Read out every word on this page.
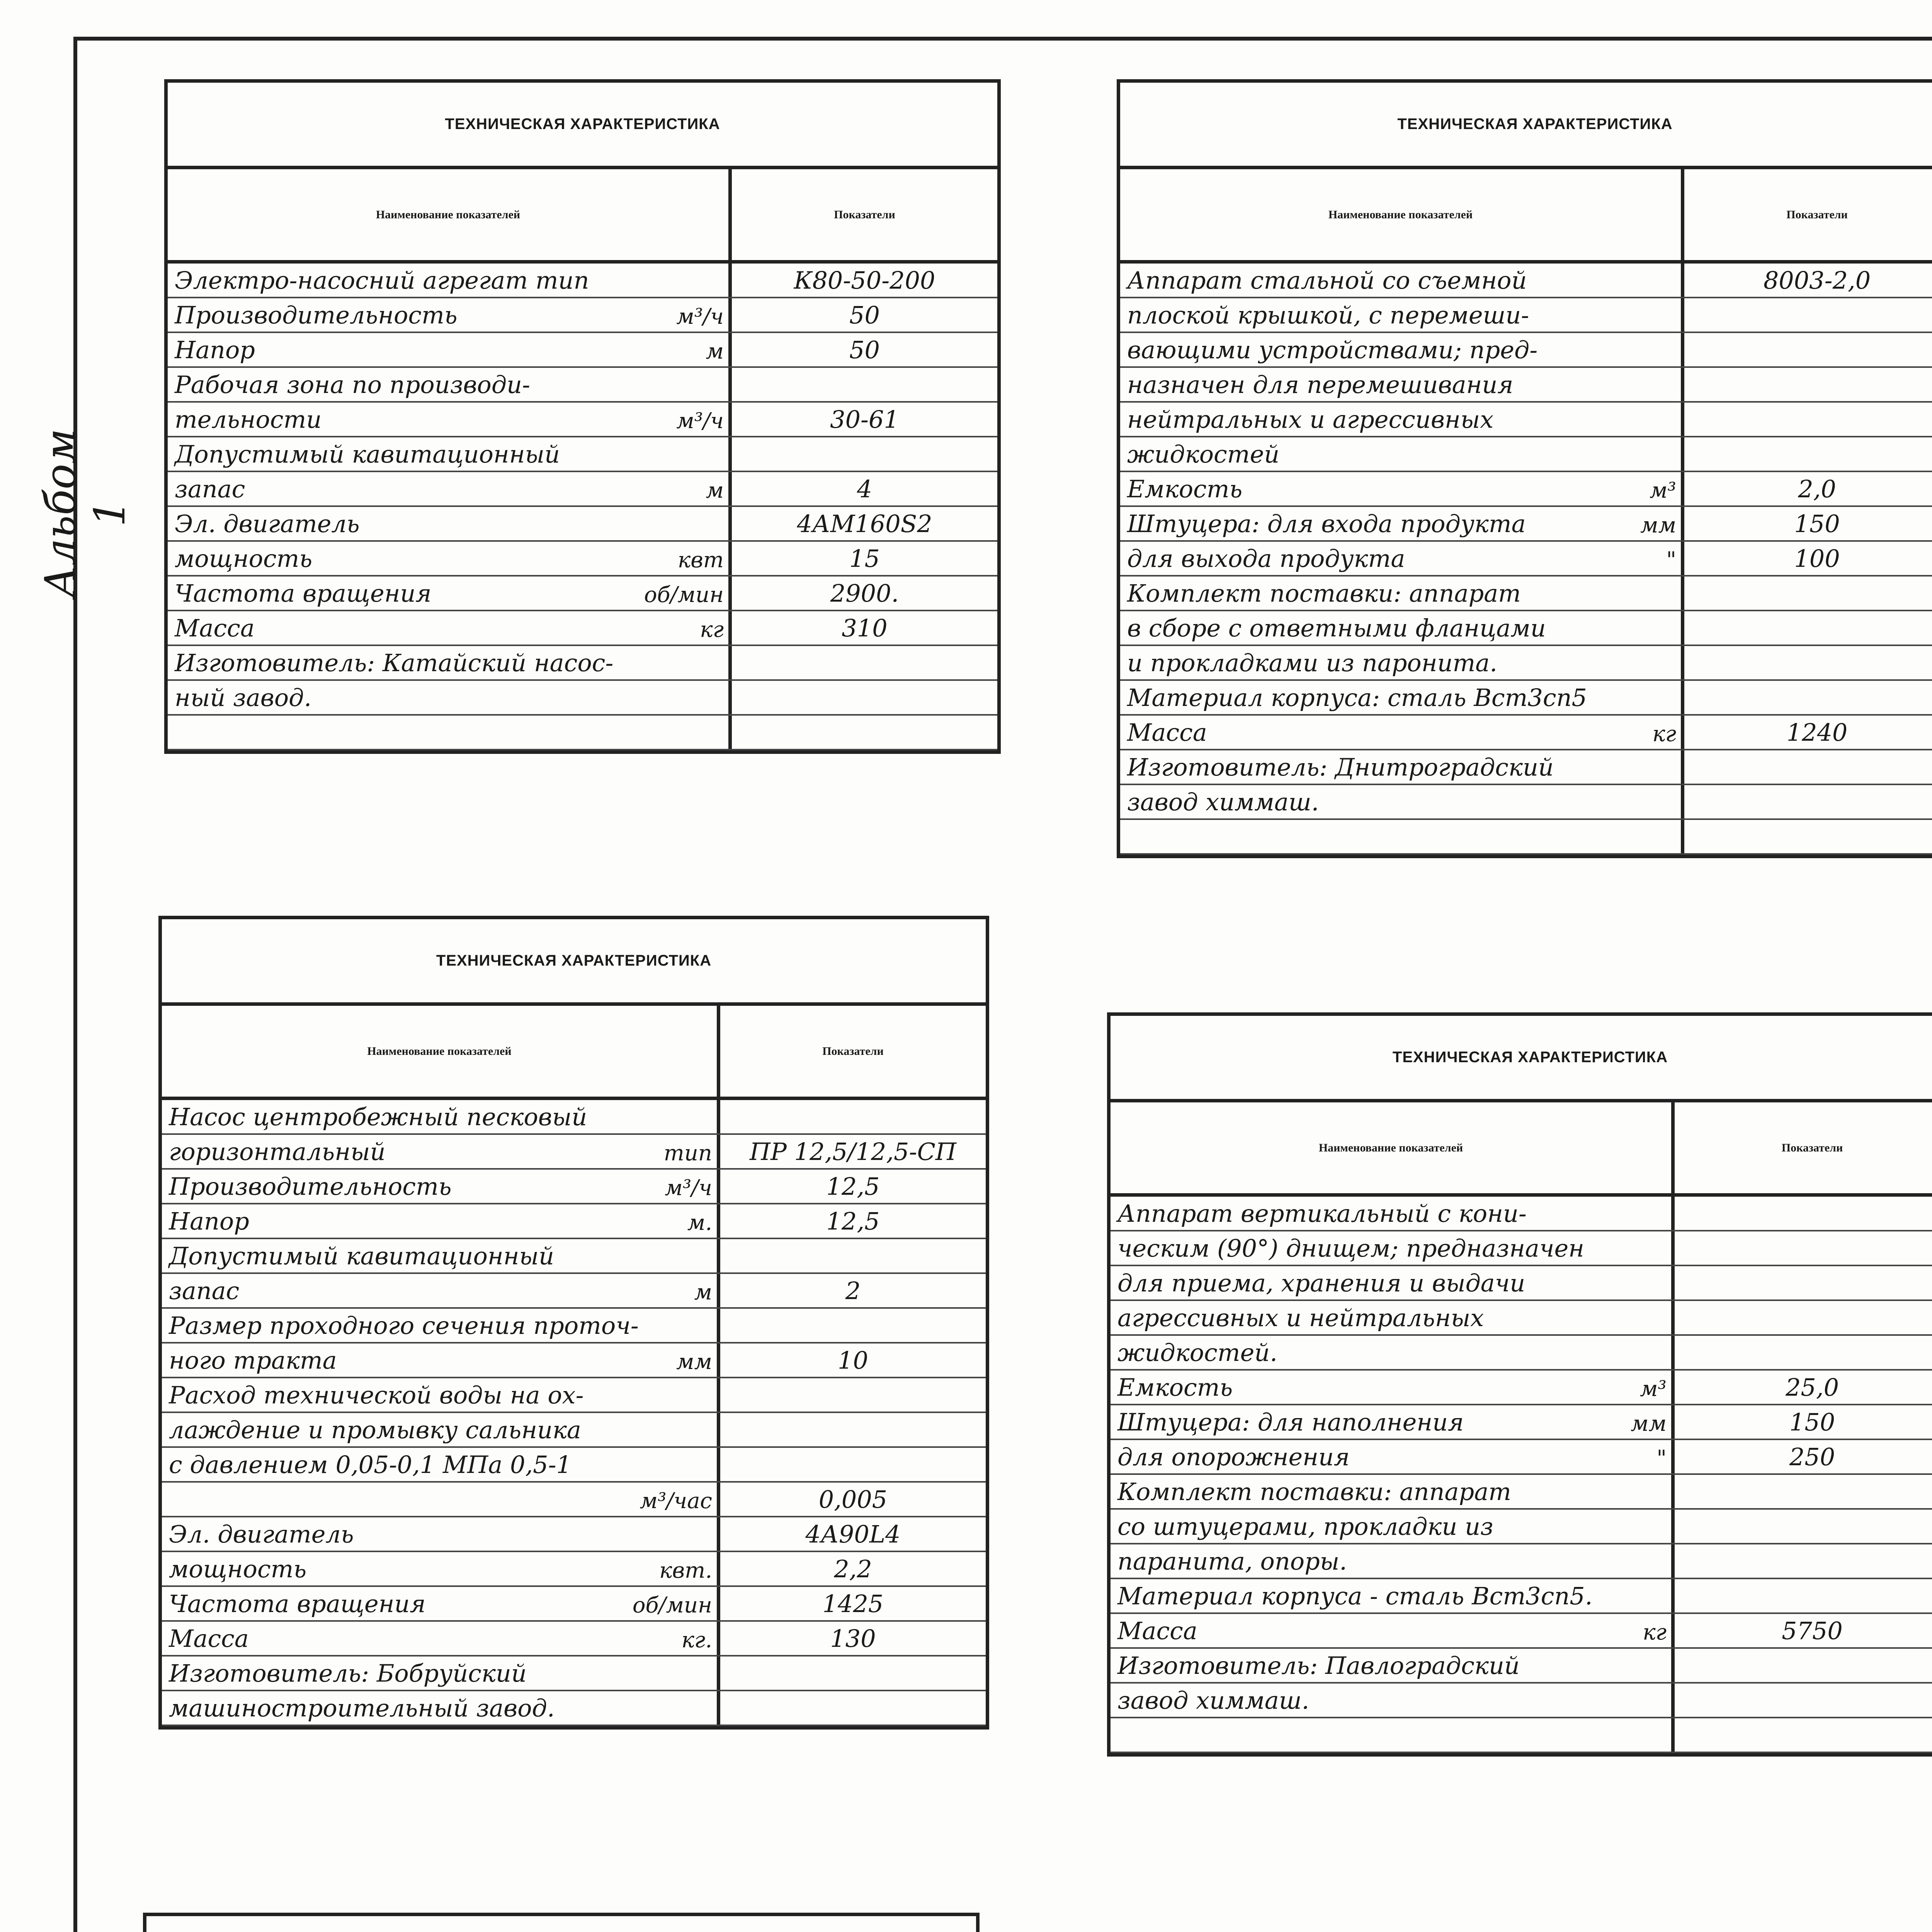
Альбом 1
ТЕХНИЧЕСКАЯ ХАРАКТЕРИСТИКА
Наименование показателей	Показатели
Электро-насосний агрегат тип	К80-50-200
Производительность	м³/ч	50
Напор	м	50
Рабочая зона по производи-
тельности	м³/ч	30-61
Допустимый кавитационный
запас	м	4
Эл. двигатель	4АМ160S2
мощность	квт	15
Частота вращения	об/мин	2900.
Масса	кг	310
Изготовитель: Катайский насос-
ный завод.
ТЕХНИЧЕСКАЯ ХАРАКТЕРИСТИКА
Наименование показателей	Показатели
Аппарат стальной со съемной	8003-2,0
плоской крышкой, с перемеши-
вающими устройствами; пред-
назначен для перемешивания
нейтральных и агрессивных
жидкостей
Емкость	м³	2,0
Штуцера: для входа продукта	мм	150
для выхода продукта	"	100
Комплект поставки: аппарат
в сборе с ответными фланцами
и прокладками из паронита.
Материал корпуса: сталь Вст3сп5
Масса	кг	1240
Изготовитель: Днитроградский
завод химмаш.
ТЕХНИЧЕСКАЯ ХАРАКТЕРИСТИКА
Наименование показателей	Показатели
Насос центробежный песковый
горизонтальный	тип	ПР 12,5/12,5-СП
Производительность	м³/ч	12,5
Напор	м.	12,5
Допустимый кавитационный
запас	м	2
Размер проходного сечения проточ-
ного тракта	мм	10
Расход технической воды на ох-
лаждение и промывку сальника
с давлением 0,05-0,1 МПа 0,5-1
м³/час	0,005
Эл. двигатель	4А90L4
мощность	квт.	2,2
Частота вращения	об/мин	1425
Масса	кг.	130
Изготовитель: Бобруйский
машиностроительный завод.
ТЕХНИЧЕСКАЯ ХАРАКТЕРИСТИКА
Наименование показателей	Показатели
Аппарат вертикальный с кони-
ческим (90°) днищем; предназначен
для приема, хранения и выдачи
агрессивных и нейтральных
жидкостей.
Емкость	м³	25,0
Штуцера: для наполнения	мм	150
для опорожнения	"	250
Комплект поставки: аппарат
со штуцерами, прокладки из
паранита, опоры.
Материал корпуса - сталь Вст3сп5.
Масса	кг	5750
Изготовитель: Павлоградский
завод химмаш.
